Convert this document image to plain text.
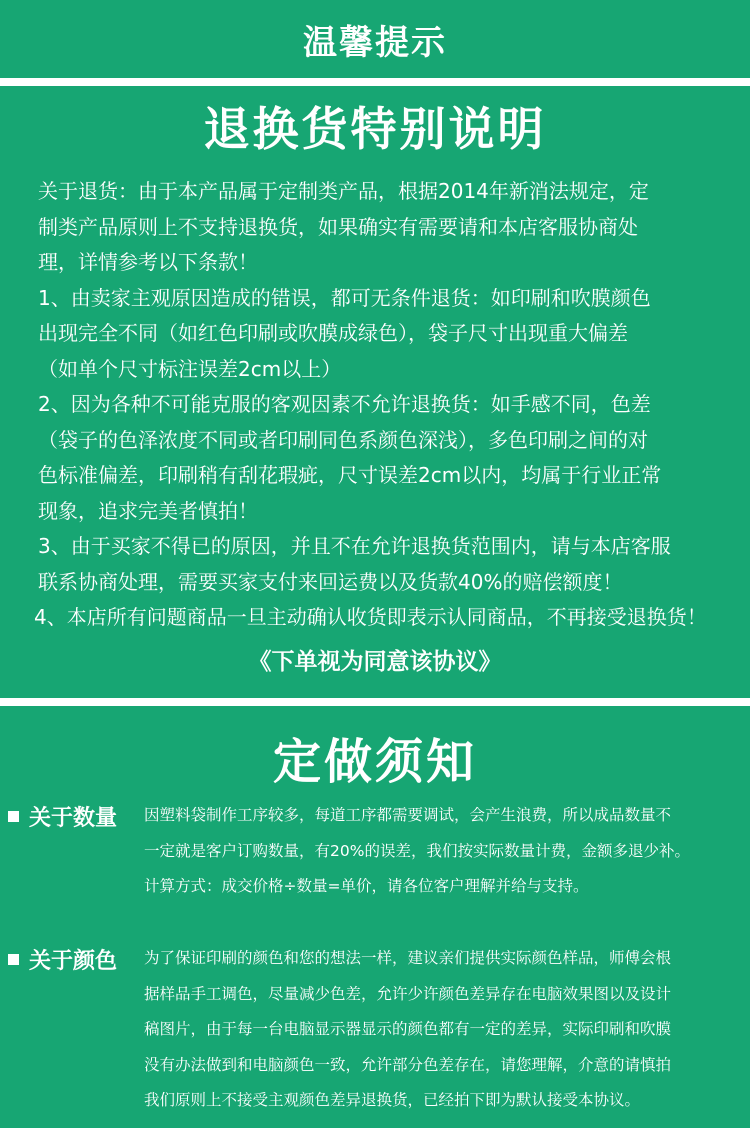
温馨提示
退换货特别说明
关于退货：由于本产品属于定制类产品，根据2014年新消法规定，定
制类产品原则上不支持退换货，如果确实有需要请和本店客服协商处
理，详情参考以下条款！
1、由卖家主观原因造成的错误，都可无条件退货：如印刷和吹膜颜色
出现完全不同（如红色印刷或吹膜成绿色），袋子尺寸出现重大偏差
（如单个尺寸标注误差2cm以上）
2、因为各种不可能克服的客观因素不允许退换货：如手感不同，色差
（袋子的色泽浓度不同或者印刷同色系颜色深浅），多色印刷之间的对
色标准偏差，印刷稍有刮花瑕疵，尺寸误差2cm以内，均属于行业正常
现象，追求完美者慎拍！
3、由于买家不得已的原因，并且不在允许退换货范围内，请与本店客服
联系协商处理，需要买家支付来回运费以及货款40%的赔偿额度！
4、本店所有问题商品一旦主动确认收货即表示认同商品，不再接受退换货！
《下单视为同意该协议》
定做须知
关于数量 因塑料袋制作工序较多，每道工序都需要调试，会产生浪费，所以成品数量不
一定就是客户订购数量，有20%的误差，我们按实际数量计费，金额多退少补。
计算方式：成交价格÷数量=单价，请各位客户理解并给与支持。
关于颜色 为了保证印刷的颜色和您的想法一样，建议亲们提供实际颜色样品，师傅会根
据样品手工调色，尽量减少色差，允许少许颜色差异存在电脑效果图以及设计
稿图片，由于每一台电脑显示器显示的颜色都有一定的差异，实际印刷和吹膜
没有办法做到和电脑颜色一致，允许部分色差存在，请您理解，介意的请慎拍
我们原则上不接受主观颜色差异退换货，已经拍下即为默认接受本协议。
